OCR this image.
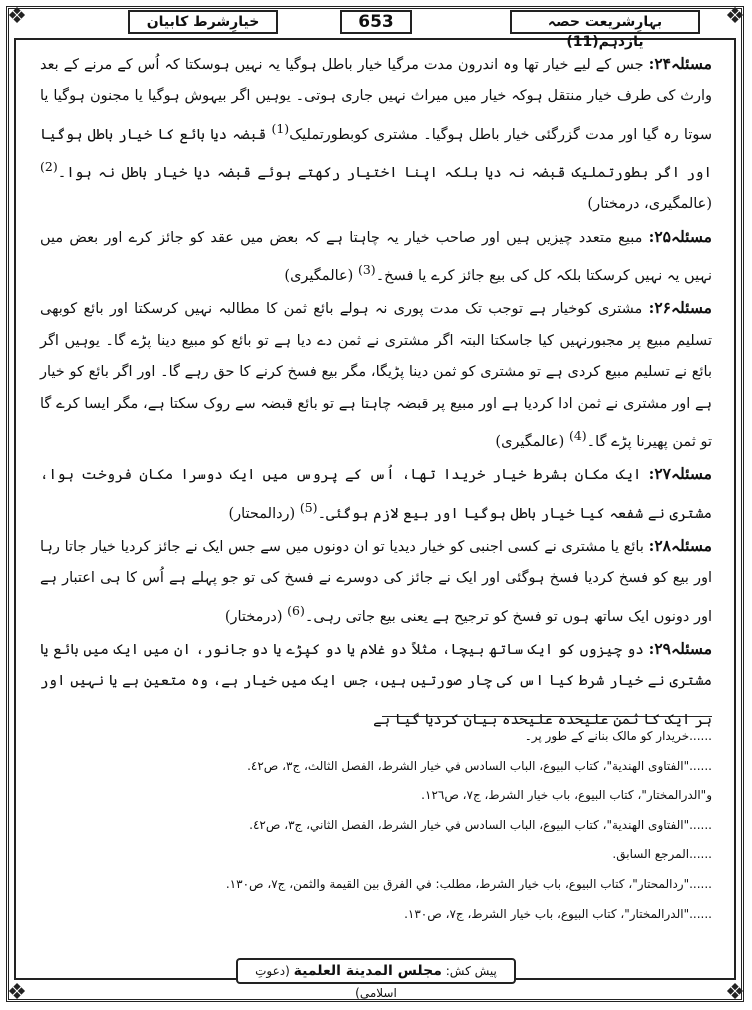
❖	❖
❖	❖
خیارِشرط کابیان	653	بہارِشریعت حصہ یازدہم(11)

مسئلہ۲۴: جس کے لیے خیار تھا وہ اندرون مدت مرگیا خیار باطل ہوگیا یہ نہیں ہوسکتا کہ اُس کے مرنے کے بعد وارث کی طرف خیار منتقل ہوکہ خیار میں میراث نہیں جاری ہوتی۔ یوہیں اگر بیہوش ہوگیا یا مجنون ہوگیا یا سوتا رہ گیا اور مدت گزرگئی خیار باطل ہوگیا۔ مشتری کوبطورتملیک$^{(1)}$ قبضہ دیا بائع کا خیار باطل ہوگیا اور اگر بطورتملیک قبضہ نہ دیا بلکہ اپنا اختیار رکھتے ہوئے قبضہ دیا خیار باطل نہ ہوا۔$^{(2)}$ (عالمگیری، درمختار)

مسئلہ۲۵: مبیع متعدد چیزیں ہیں اور صاحب خیار یہ چاہتا ہے کہ بعض میں عقد کو جائز کرے اور بعض میں نہیں یہ نہیں کرسکتا بلکہ کل کی بیع جائز کرے یا فسخ۔$^{(3)}$ (عالمگیری)

مسئلہ۲۶: مشتری کوخیار ہے توجب تک مدت پوری نہ ہولے بائع ثمن کا مطالبہ نہیں کرسکتا اور بائع کوبھی تسلیم مبیع پر مجبورنہیں کیا جاسکتا البتہ اگر مشتری نے ثمن دے دیا ہے تو بائع کو مبیع دینا پڑے گا۔ یوہیں اگر بائع نے تسلیم مبیع کردی ہے تو مشتری کو ثمن دینا پڑیگا، مگر بیع فسخ کرنے کا حق رہے گا۔ اور اگر بائع کو خیار ہے اور مشتری نے ثمن ادا کردیا ہے اور مبیع پر قبضہ چاہتا ہے تو بائع قبضہ سے روک سکتا ہے، مگر ایسا کرے گا تو ثمن پھیرنا پڑے گا۔$^{(4)}$ (عالمگیری)

مسئلہ۲۷: ایک مکان بشرط خیار خریدا تھا، اُس کے پروس میں ایک دوسرا مکان فروخت ہوا، مشتری نے شفعہ کیا خیار باطل ہوگیا اور بیع لازم ہوگئی۔$^{(5)}$ (ردالمحتار)

مسئلہ۲۸: بائع یا مشتری نے کسی اجنبی کو خیار دیدیا تو ان دونوں میں سے جس ایک نے جائز کردیا خیار جاتا رہا اور بیع کو فسخ کردیا فسخ ہوگئی اور ایک نے جائز کی دوسرے نے فسخ کی تو جو پہلے ہے اُس کا ہی اعتبار ہے اور دونوں ایک ساتھ ہوں تو فسخ کو ترجیح ہے یعنی بیع جاتی رہی۔$^{(6)}$ (درمختار)

مسئلہ۲۹: دو چیزوں کو ایک ساتھ بیچا، مثلاً دو غلام یا دو کپڑے یا دو جانور، ان میں ایک میں بائع یا مشتری نے خیار شرط کیا اس کی چار صورتیں ہیں، جس ایک میں خیار ہے، وہ متعین ہے یا نہیں اور ہر ایک کا ثمن علیحدہ علیحدہ بیان کردیا گیا ہے

......خریدار کو مالک بنانے کے طور پر۔
......"الفتاوی الهندية"، كتاب البيوع، الباب السادس في خيار الشرط، الفصل الثالث، ج٣، ص٤٢.
و"الدرالمختار"، كتاب البيوع، باب خيار الشرط، ج٧، ص١٢٦.
......"الفتاوی الهندية"، كتاب البيوع، الباب السادس في خيار الشرط، الفصل الثاني، ج٣، ص٤٢.
......المرجع السابق.
......"ردالمحتار"، كتاب البيوع، باب خيار الشرط، مطلب: في الفرق بين القيمة والثمن، ج٧، ص١٣٠.
......"الدرالمختار"، كتاب البيوع، باب خيار الشرط، ج٧، ص١٣٠.
پیش کش: مجلس المدينة العلمية (دعوتِ اسلامی)
